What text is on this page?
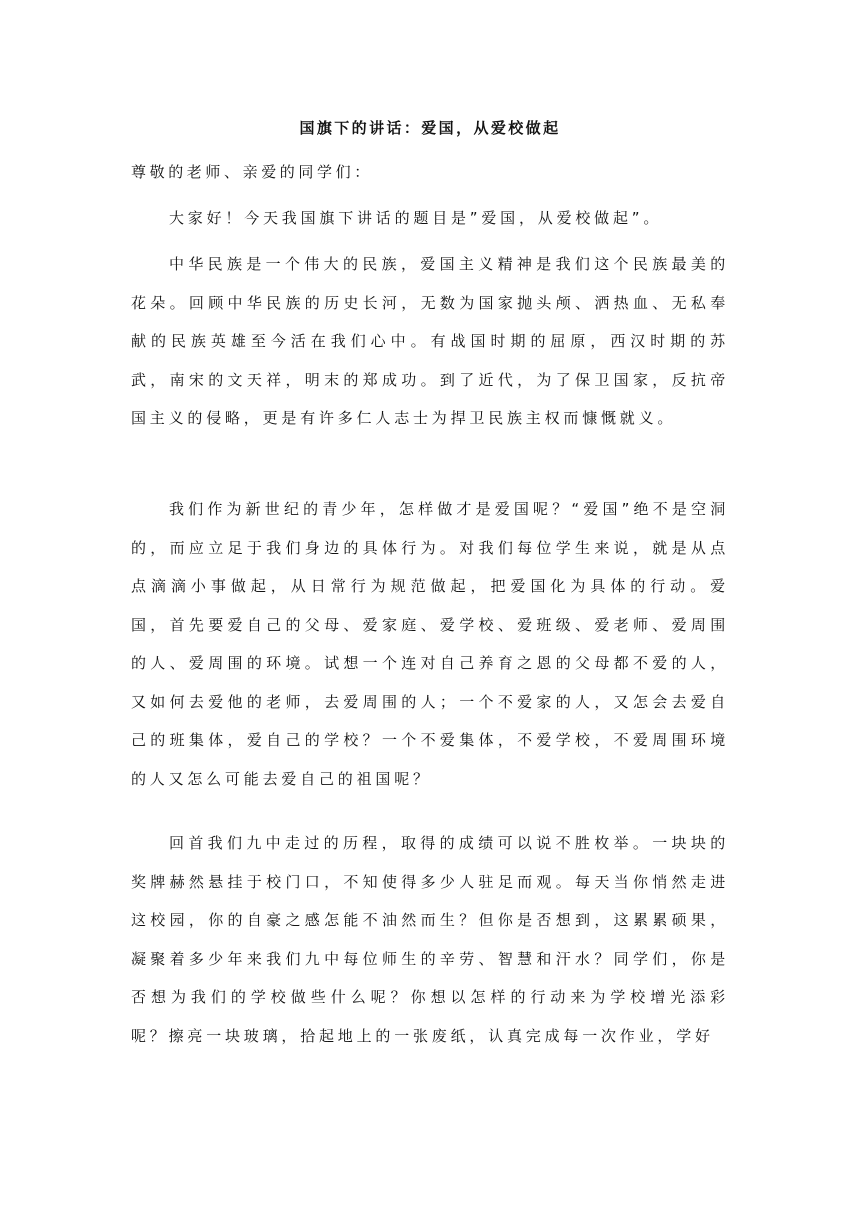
国旗下的讲话：爱国，从爱校做起

尊敬的老师、亲爱的同学们：

大家好！今天我国旗下讲话的题目是”爱国，从爱校做起”。

中华民族是一个伟大的民族，爱国主义精神是我们这个民族最美的花朵。回顾中华民族的历史长河，无数为国家抛头颅、洒热血、无私奉献的民族英雄至今活在我们心中。有战国时期的屈原，西汉时期的苏武，南宋的文天祥，明末的郑成功。到了近代，为了保卫国家，反抗帝国主义的侵略，更是有许多仁人志士为捍卫民族主权而慷慨就义。

我们作为新世纪的青少年，怎样做才是爱国呢？“爱国”绝不是空洞的，而应立足于我们身边的具体行为。对我们每位学生来说，就是从点点滴滴小事做起，从日常行为规范做起，把爱国化为具体的行动。爱国，首先要爱自己的父母、爱家庭、爱学校、爱班级、爱老师、爱周围的人、爱周围的环境。试想一个连对自己养育之恩的父母都不爱的人，又如何去爱他的老师，去爱周围的人；一个不爱家的人，又怎会去爱自己的班集体，爱自己的学校？一个不爱集体，不爱学校，不爱周围环境的人又怎么可能去爱自己的祖国呢？

回首我们九中走过的历程，取得的成绩可以说不胜枚举。一块块的奖牌赫然悬挂于校门口，不知使得多少人驻足而观。每天当你悄然走进这校园，你的自豪之感怎能不油然而生？但你是否想到，这累累硕果，凝聚着多少年来我们九中每位师生的辛劳、智慧和汗水？同学们，你是否想为我们的学校做些什么呢？你想以怎样的行动来为学校增光添彩呢？擦亮一块玻璃，拾起地上的一张废纸，认真完成每一次作业，学好
